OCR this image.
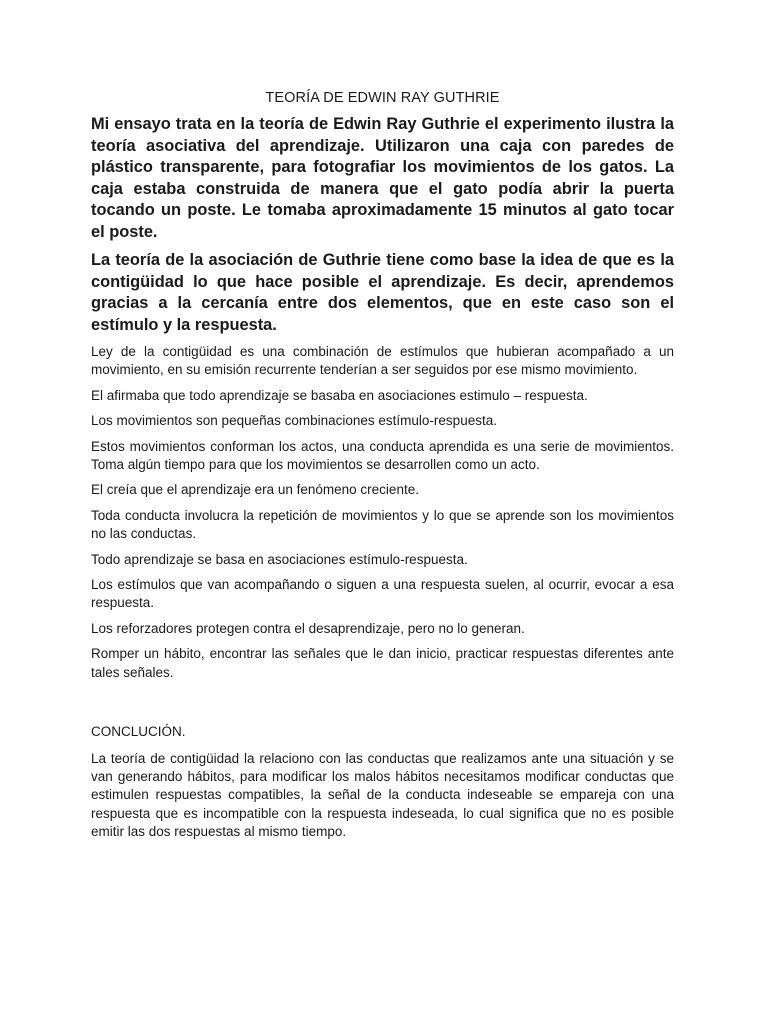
TEORÍA DE EDWIN RAY GUTHRIE

Mi ensayo trata en la teoría de Edwin Ray Guthrie el experimento ilustra la teoría asociativa del aprendizaje. Utilizaron una caja con paredes de plástico transparente, para fotografiar los movimientos de los gatos. La caja estaba construida de manera que el gato podía abrir la puerta tocando un poste. Le tomaba aproximadamente 15 minutos al gato tocar el poste.

La teoría de la asociación de Guthrie tiene como base la idea de que es la contigüidad lo que hace posible el aprendizaje. Es decir, aprendemos gracias a la cercanía entre dos elementos, que en este caso son el estímulo y la respuesta.

Ley de la contigüidad es una combinación de estímulos que hubieran acompañado a un movimiento, en su emisión recurrente tenderían a ser seguidos por ese mismo movimiento.

El afirmaba que todo aprendizaje se basaba en asociaciones estimulo – respuesta.

Los movimientos son pequeñas combinaciones estímulo-respuesta.

Estos movimientos conforman los actos, una conducta aprendida es una serie de movimientos. Toma algún tiempo para que los movimientos se desarrollen como un acto.

El creía que el aprendizaje era un fenómeno creciente.

Toda conducta involucra la repetición de movimientos y lo que se aprende son los movimientos no las conductas.

Todo aprendizaje se basa en asociaciones estímulo-respuesta.

Los estímulos que van acompañando o siguen a una respuesta suelen, al ocurrir, evocar a esa respuesta.

Los reforzadores protegen contra el desaprendizaje, pero no lo generan.

Romper un hábito, encontrar las señales que le dan inicio, practicar respuestas diferentes ante tales señales.

CONCLUCIÓN.

La teoría de contigüidad la relaciono con las conductas que realizamos ante una situación y se van generando hábitos, para modificar los malos hábitos necesitamos modificar conductas que estimulen respuestas compatibles, la señal de la conducta indeseable se empareja con una respuesta que es incompatible con la respuesta indeseada, lo cual significa que no es posible emitir las dos respuestas al mismo tiempo.
